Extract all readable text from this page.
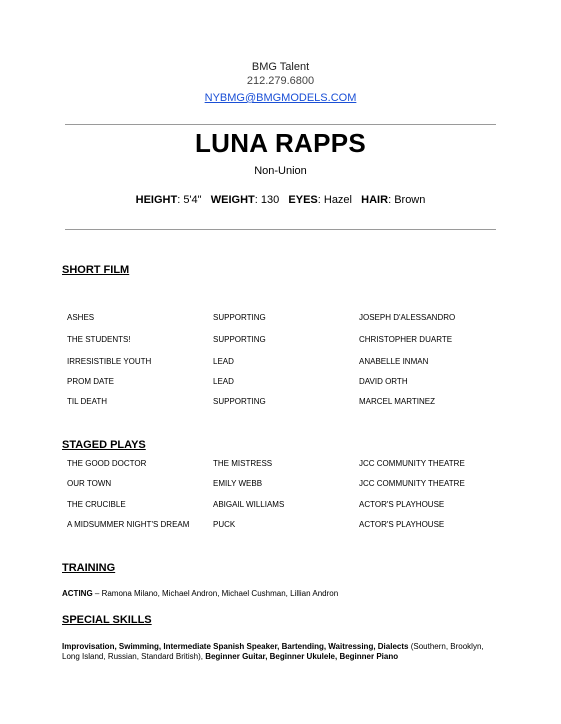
BMG Talent
212.279.6800
NYBMG@BMGMODELS.COM
LUNA RAPPS
Non-Union
HEIGHT: 5'4" WEIGHT: 130 EYES: Hazel HAIR: Brown
SHORT FILM
ASHES	SUPPORTING	JOSEPH D'ALESSANDRO
THE STUDENTS!	SUPPORTING	CHRISTOPHER DUARTE
IRRESISTIBLE YOUTH	LEAD	ANABELLE INMAN
PROM DATE	LEAD	DAVID ORTH
TIL DEATH	SUPPORTING	MARCEL MARTINEZ
STAGED PLAYS
THE GOOD DOCTOR	THE MISTRESS	JCC COMMUNITY THEATRE
OUR TOWN	EMILY WEBB	JCC COMMUNITY THEATRE
THE CRUCIBLE	ABIGAIL WILLIAMS	ACTOR'S PLAYHOUSE
A MIDSUMMER NIGHT'S DREAM	PUCK	ACTOR'S PLAYHOUSE
TRAINING
ACTING – Ramona Milano, Michael Andron, Michael Cushman, Lillian Andron
SPECIAL SKILLS
Improvisation, Swimming, Intermediate Spanish Speaker, Bartending, Waitressing, Dialects (Southern, Brooklyn, Long Island, Russian, Standard British), Beginner Guitar, Beginner Ukulele, Beginner Piano
